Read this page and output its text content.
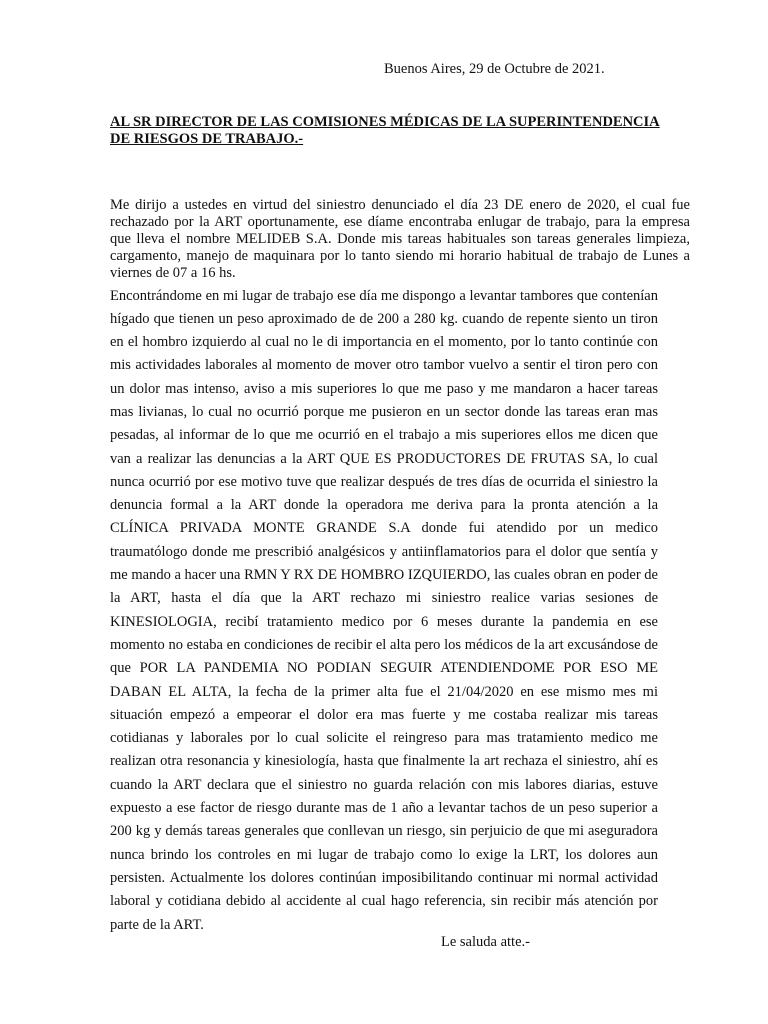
Buenos Aires, 29 de Octubre de 2021.
AL SR DIRECTOR DE LAS COMISIONES MÉDICAS DE LA SUPERINTENDENCIA
DE RIESGOS DE TRABAJO.-

Me dirijo a ustedes en virtud del siniestro denunciado el día 23 DE enero de 2020, el cual fue rechazado por la ART oportunamente, ese díame encontraba enlugar de trabajo, para la empresa que lleva el nombre MELIDEB S.A. Donde mis tareas habituales son tareas generales limpieza, cargamento, manejo de maquinara por lo tanto siendo mi horario habitual de trabajo de Lunes a viernes de 07 a 16 hs.

Encontrándome en mi lugar de trabajo ese día me dispongo a levantar tambores que contenían hígado que tienen un peso aproximado de de 200 a 280 kg. cuando de repente siento un tiron en el hombro izquierdo al cual no le di importancia en el momento, por lo tanto continúe con mis actividades laborales al momento de mover otro tambor vuelvo a sentir el tiron pero con un dolor mas intenso, aviso a mis superiores lo que me paso y me mandaron a hacer tareas mas livianas, lo cual no ocurrió porque me pusieron en un sector donde las tareas eran mas pesadas, al informar de lo que me ocurrió en el trabajo a mis superiores ellos me dicen que van a realizar las denuncias a la ART QUE ES PRODUCTORES DE FRUTAS SA, lo cual nunca ocurrió por ese motivo tuve que realizar después de tres días de ocurrida el siniestro la denuncia formal a la ART donde la operadora me deriva para la pronta atención a la CLÍNICA PRIVADA MONTE GRANDE S.A donde fui atendido por un medico traumatólogo donde me prescribió analgésicos y antiinflamatorios para el dolor que sentía y me mando a hacer una RMN Y RX DE HOMBRO IZQUIERDO, las cuales obran en poder de la ART, hasta el día que la ART rechazo mi siniestro realice varias sesiones de KINESIOLOGIA, recibí tratamiento medico por 6 meses durante la pandemia en ese momento no estaba en condiciones de recibir el alta pero los médicos de la art excusándose de que POR LA PANDEMIA NO PODIAN SEGUIR ATENDIENDOME POR ESO ME DABAN EL ALTA, la fecha de la primer alta fue el 21/04/2020 en ese mismo mes mi situación empezó a empeorar el dolor era mas fuerte y me costaba realizar mis tareas cotidianas y laborales por lo cual solicite el reingreso para mas tratamiento medico me realizan otra resonancia y kinesiología, hasta que finalmente la art rechaza el siniestro, ahí es cuando la ART declara que el siniestro no guarda relación con mis labores diarias, estuve expuesto a ese factor de riesgo durante mas de 1 año a levantar tachos de un peso superior a 200 kg y demás tareas generales que conllevan un riesgo, sin perjuicio de que mi aseguradora nunca brindo los controles en mi lugar de trabajo como lo exige la LRT, los dolores aun persisten. Actualmente los dolores continúan imposibilitando continuar mi normal actividad laboral y cotidiana debido al accidente al cual hago referencia, sin recibir más atención por parte de la ART.

Le saluda atte.-
